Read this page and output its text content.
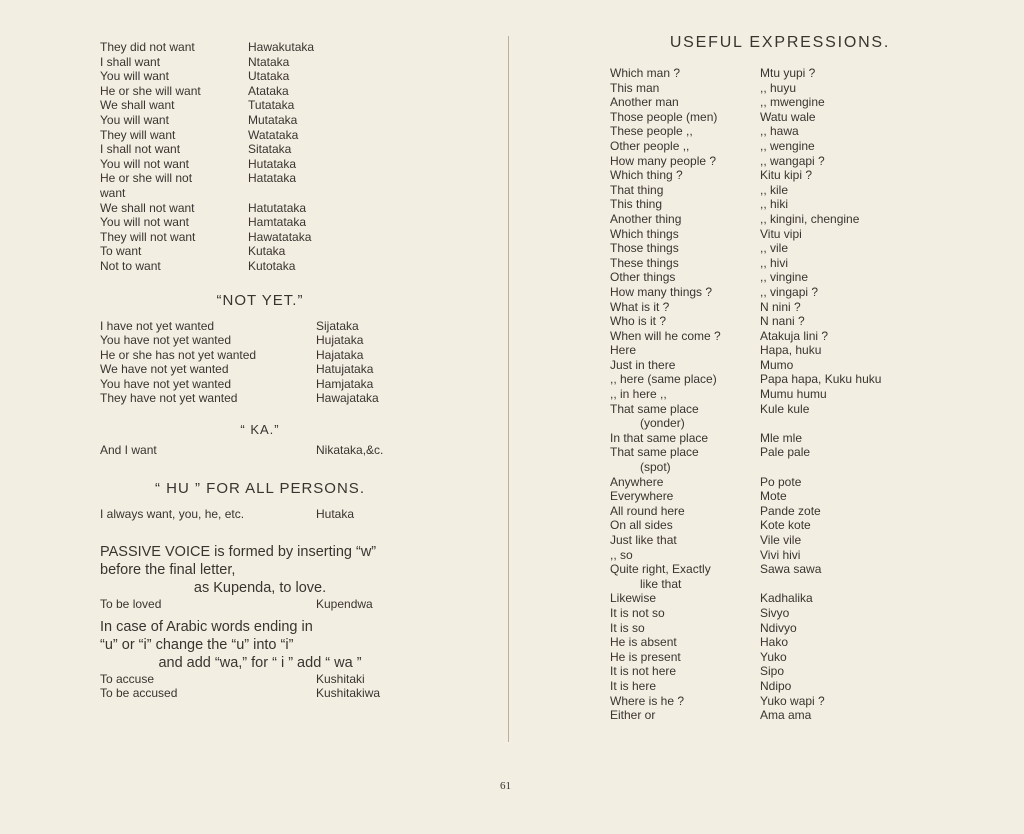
They did not want	Hawakutaka
I shall want	Ntataka
You will want	Utataka
He or she will want	Atataka
We shall want	Tutataka
You will want	Mutataka
They will want	Watataka
I shall not want	Sitataka
You will not want	Hutataka
He or she will not	Hatataka
want
We shall not want	Hatutataka
You will not want	Hamtataka
They will not want	Hawatataka
To want	Kutaka
Not to want	Kutotaka
“NOT YET.”
I have not yet wanted	Sijataka
You have not yet wanted	Hujataka
He or she has not yet wanted	Hajataka
We have not yet wanted	Hatujataka
You have not yet wanted	Hamjataka
They have not yet wanted	Hawajataka
“ KA.”
And I want	Nikataka,&c.
“ HU ” FOR ALL PERSONS.
I always want, you, he, etc.	Hutaka
PASSIVE VOICE is formed by inserting “w” before the final letter,
as Kupenda, to love.
To be loved	Kupendwa
In case of Arabic words ending in
“u” or “i” change the “u” into “i”
and add “wa,” for “ i ” add “ wa ”
To accuse	Kushitaki
To be accused	Kushitakiwa
USEFUL EXPRESSIONS.
Which man ?	Mtu yupi ?
This man	,, huyu
Another man	,, mwengine
Those people (men)	Watu wale
These people ,,	,, hawa
Other people ,,	,, wengine
How many people ?	,, wangapi ?
Which thing ?	Kitu kipi ?
That thing	,, kile
This thing	,, hiki
Another thing	,, kingini, chengine
Which things	Vitu vipi
Those things	,, vile
These things	,, hivi
Other things	,, vingine
How many things ?	,, vingapi ?
What is it ?	N nini ?
Who is it ?	N nani ?
When will he come ?	Atakuja lini ?
Here	Hapa, huku
Just in there	Mumo
,, here (same place)	Papa hapa, Kuku huku
,, in here ,,	Mumu humu
That same place	Kule kule
(yonder)
In that same place	Mle mle
That same place	Pale pale
(spot)
Anywhere	Po pote
Everywhere	Mote
All round here	Pande zote
On all sides	Kote kote
Just like that	Vile vile
,, so	Vivi hivi
Quite right, Exactly	Sawa sawa
like that
Likewise	Kadhalika
It is not so	Sivyo
It is so	Ndivyo
He is absent	Hako
He is present	Yuko
It is not here	Sipo
It is here	Ndipo
Where is he ?	Yuko wapi ?
Either or	Ama ama
61
